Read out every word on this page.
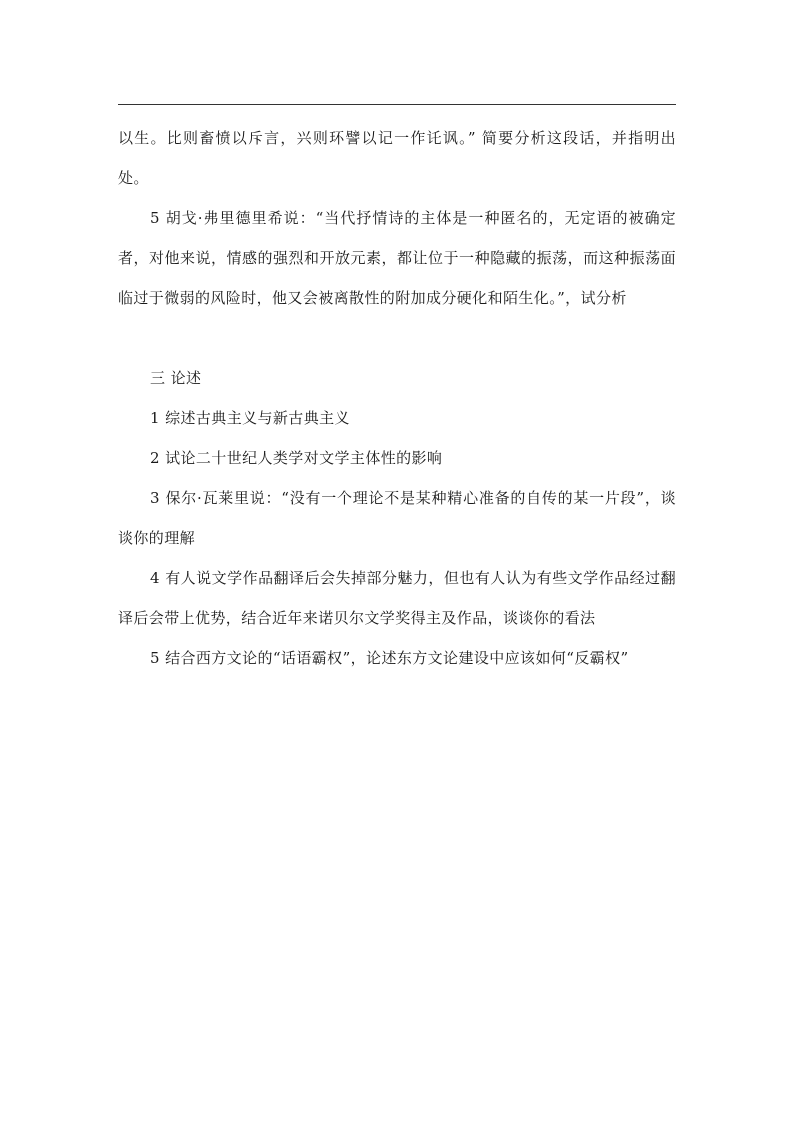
以生。比则畜愤以斥言，兴则环譬以记一作讬讽。” 简要分析这段话，并指明出处。

5 胡戈·弗里德里希说：“当代抒情诗的主体是一种匿名的，无定语的被确定者，对他来说，情感的强烈和开放元素，都让位于一种隐藏的振荡，而这种振荡面临过于微弱的风险时，他又会被离散性的附加成分硬化和陌生化。”，试分析

三 论述

1 综述古典主义与新古典主义

2 试论二十世纪人类学对文学主体性的影响

3 保尔·瓦莱里说：“没有一个理论不是某种精心准备的自传的某一片段”，谈谈你的理解

4 有人说文学作品翻译后会失掉部分魅力，但也有人认为有些文学作品经过翻译后会带上优势，结合近年来诺贝尔文学奖得主及作品，谈谈你的看法

5 结合西方文论的“话语霸权”，论述东方文论建设中应该如何“反霸权”
